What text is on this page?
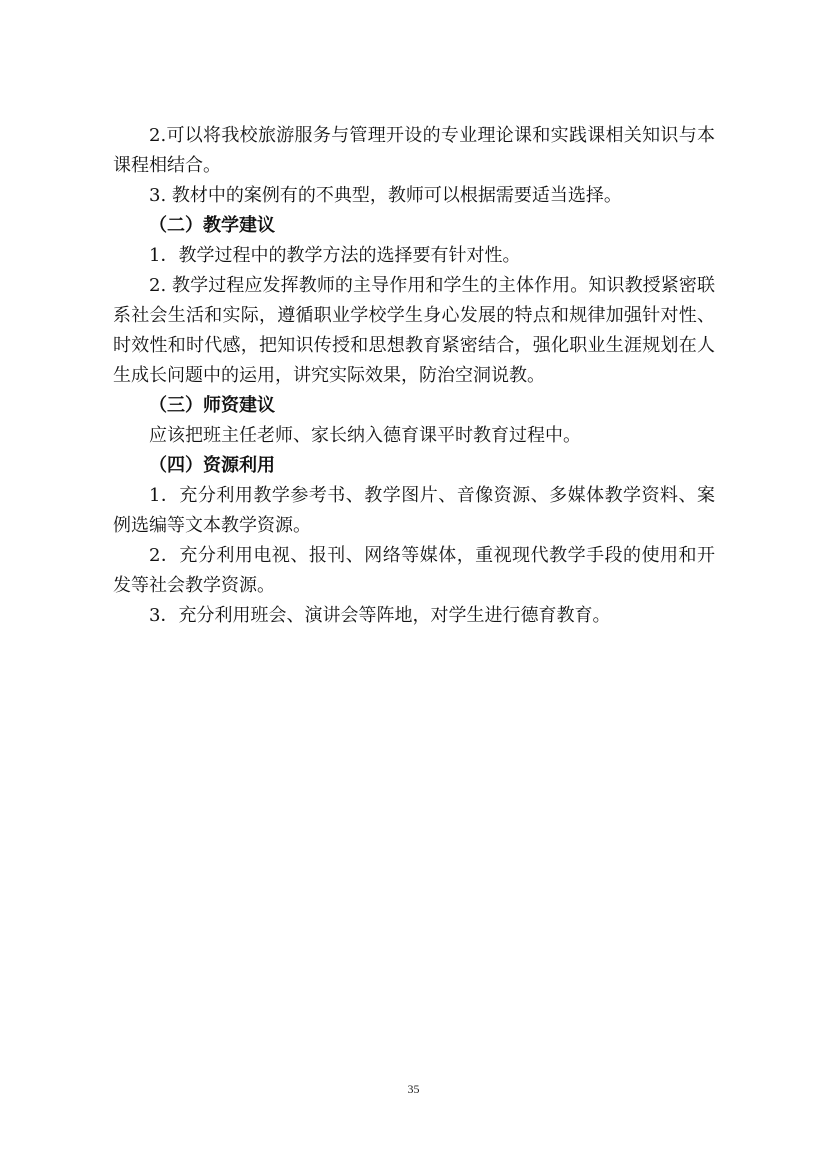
2.可以将我校旅游服务与管理开设的专业理论课和实践课相关知识与本课程相结合。

3. 教材中的案例有的不典型，教师可以根据需要适当选择。

（二）教学建议

1．教学过程中的教学方法的选择要有针对性。

2. 教学过程应发挥教师的主导作用和学生的主体作用。知识教授紧密联系社会生活和实际，遵循职业学校学生身心发展的特点和规律加强针对性、时效性和时代感，把知识传授和思想教育紧密结合，强化职业生涯规划在人生成长问题中的运用，讲究实际效果，防治空洞说教。

（三）师资建议

应该把班主任老师、家长纳入德育课平时教育过程中。

（四）资源利用

1．充分利用教学参考书、教学图片、音像资源、多媒体教学资料、案例选编等文本教学资源。

2．充分利用电视、报刊、网络等媒体，重视现代教学手段的使用和开发等社会教学资源。

3．充分利用班会、演讲会等阵地，对学生进行德育教育。

35
